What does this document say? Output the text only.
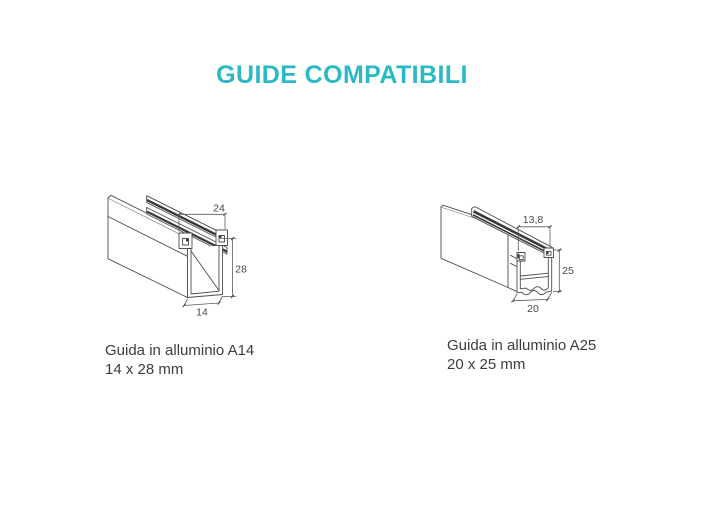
GUIDE COMPATIBILI
24
28
14
Guida in alluminio A14
14 x 28 mm
13,8
25
20
Guida in alluminio A25
20 x 25 mm
